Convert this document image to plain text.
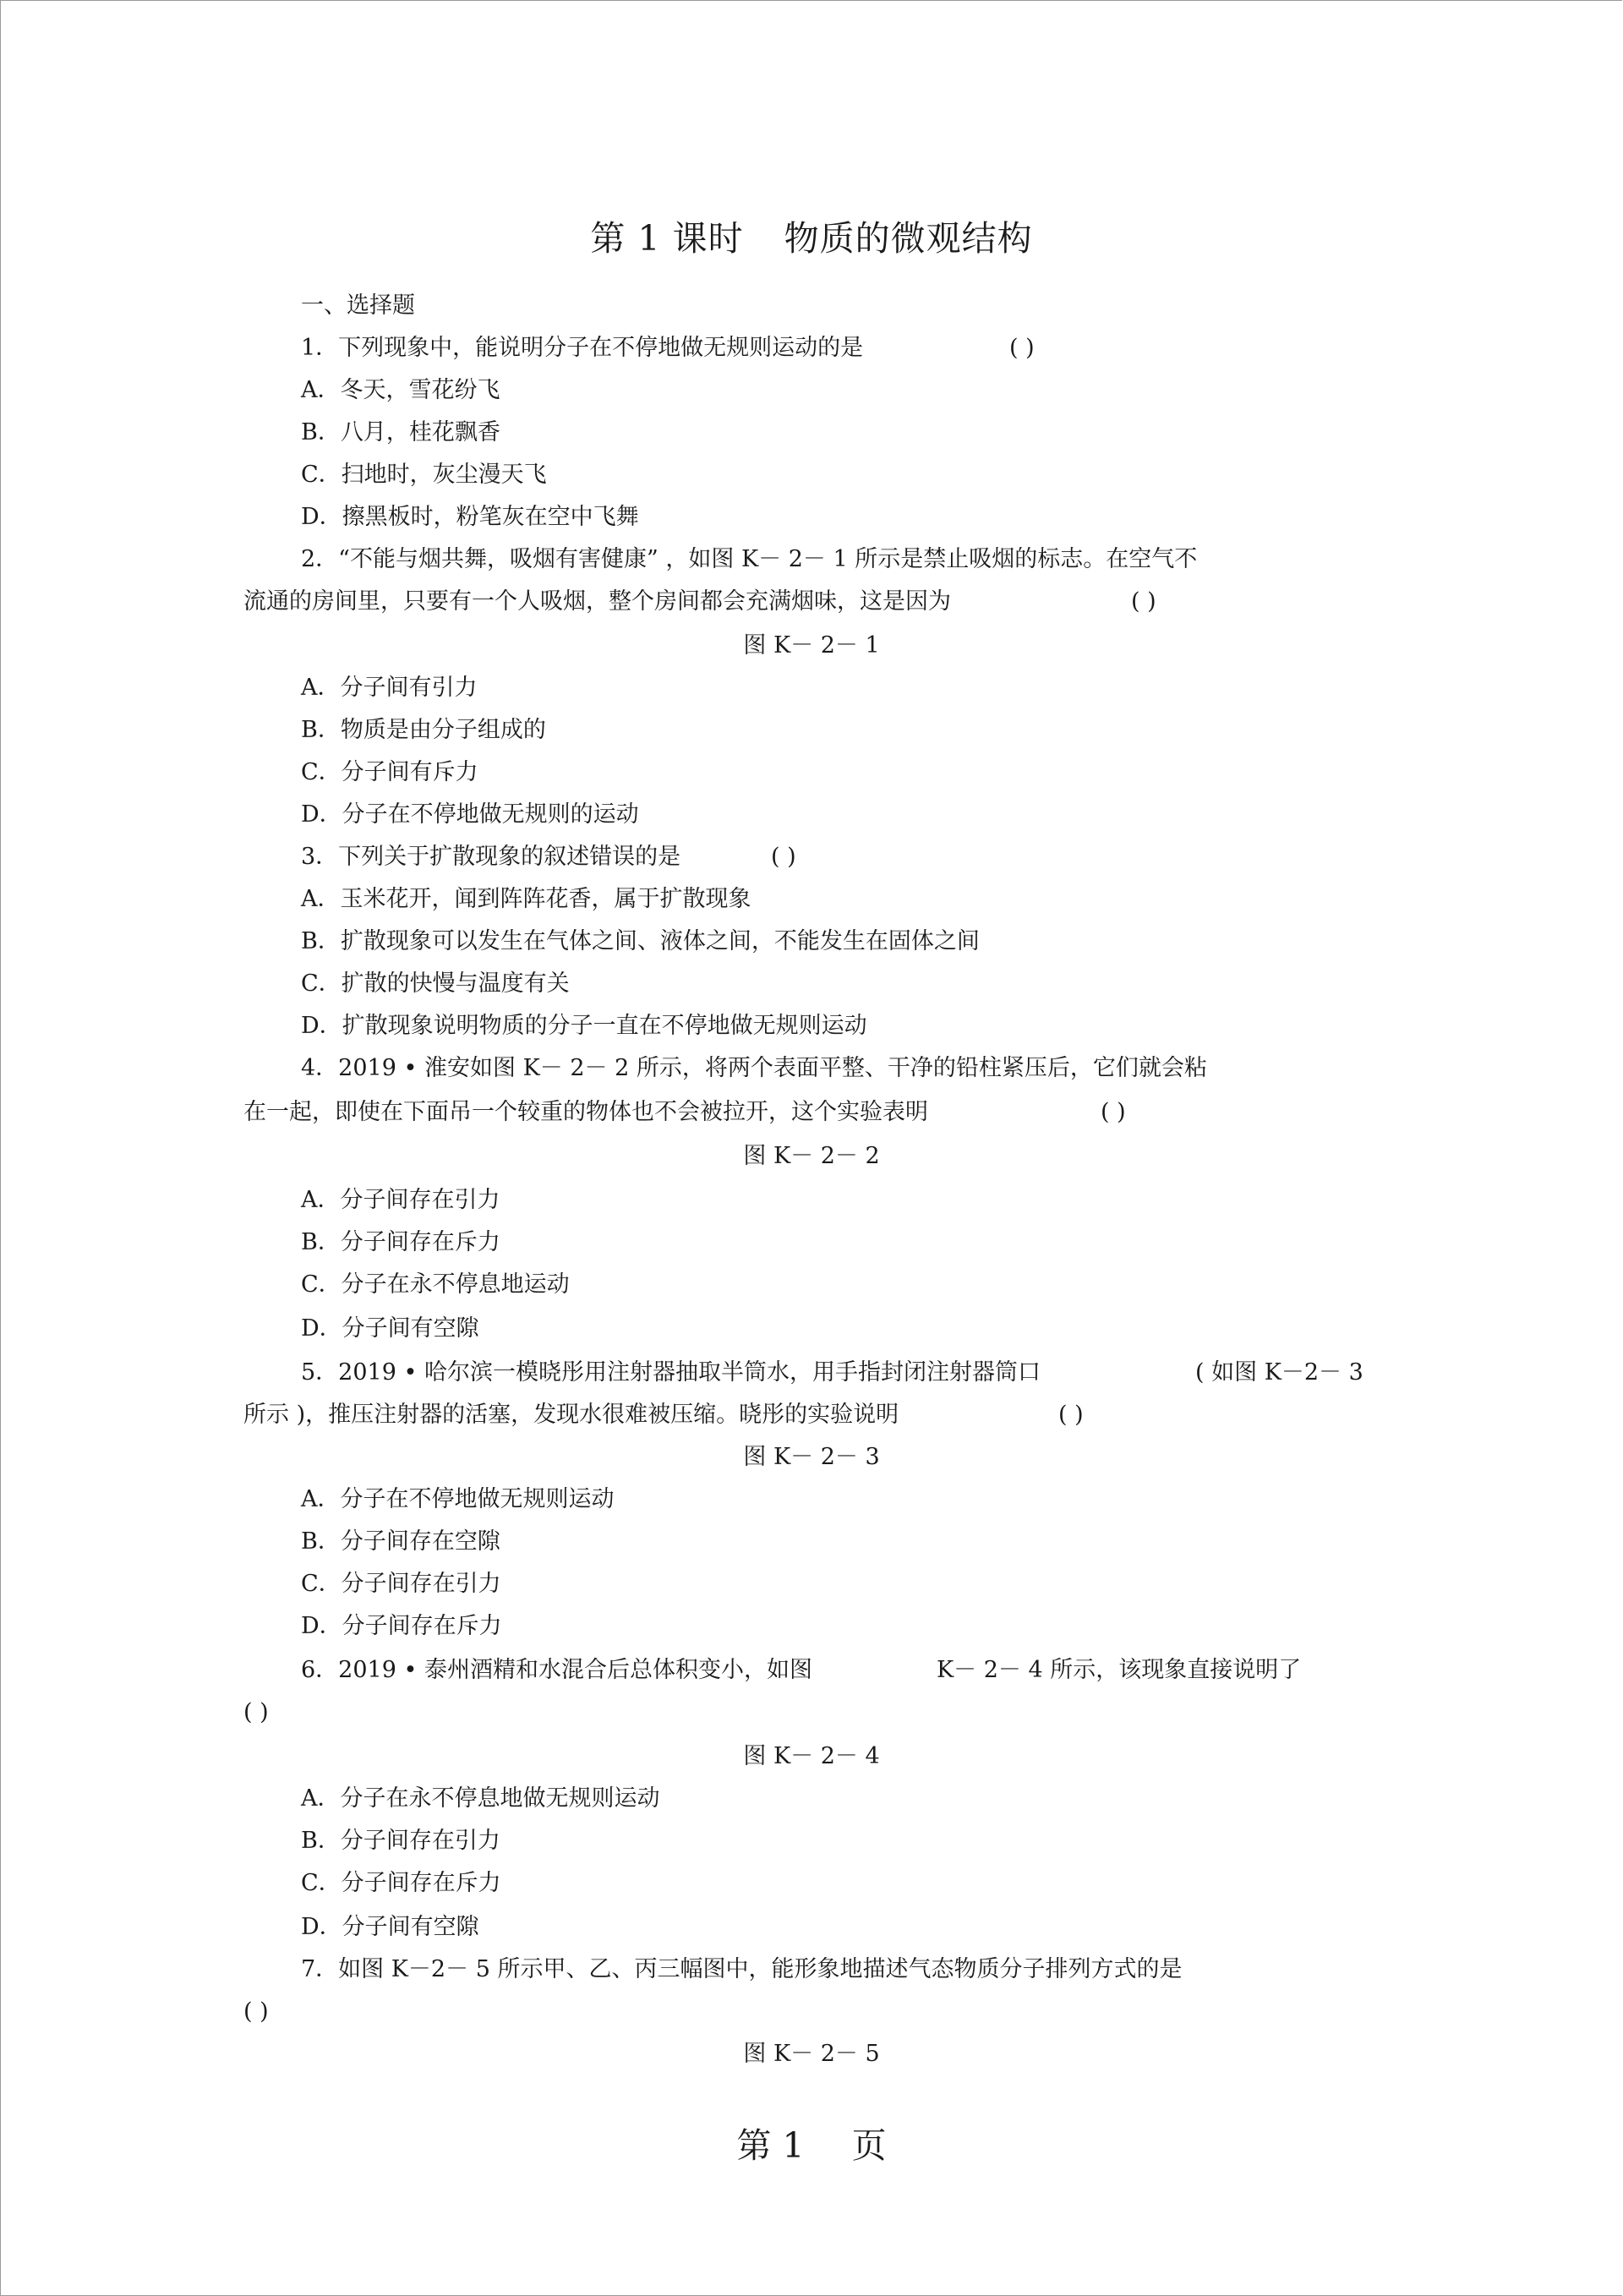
第 1 课时 物质的微观结构
一、选择题
1．下列现象中，能说明分子在不停地做无规则运动的是	( )
A．冬天，雪花纷飞
B．八月，桂花飘香
C．扫地时，灰尘漫天飞
D．擦黑板时，粉笔灰在空中飞舞
2．“不能与烟共舞，吸烟有害健康” ，如图 K－ 2－ 1 所示是禁止吸烟的标志。在空气不
流通的房间里，只要有一个人吸烟，整个房间都会充满烟味，这是因为	( )
图 K－ 2－ 1
A．分子间有引力
B．物质是由分子组成的
C．分子间有斥力
D．分子在不停地做无规则的运动
3．下列关于扩散现象的叙述错误的是	( )
A．玉米花开，闻到阵阵花香，属于扩散现象
B．扩散现象可以发生在气体之间、液体之间，不能发生在固体之间
C．扩散的快慢与温度有关
D．扩散现象说明物质的分子一直在不停地做无规则运动
4．2019 • 淮安如图 K－ 2－ 2 所示，将两个表面平整、干净的铅柱紧压后，它们就会粘
在一起，即使在下面吊一个较重的物体也不会被拉开，这个实验表明	( )
图 K－ 2－ 2
A．分子间存在引力
B．分子间存在斥力
C．分子在永不停息地运动
D．分子间有空隙
5．2019 • 哈尔滨一模晓彤用注射器抽取半筒水，用手指封闭注射器筒口	( 如图 K－2－ 3
所示 )，推压注射器的活塞，发现水很难被压缩。晓彤的实验说明	( )
图 K－ 2－ 3
A．分子在不停地做无规则运动
B．分子间存在空隙
C．分子间存在引力
D．分子间存在斥力
6．2019 • 泰州酒精和水混合后总体积变小，如图	K－ 2－ 4 所示，该现象直接说明了
( )
图 K－ 2－ 4
A．分子在永不停息地做无规则运动
B．分子间存在引力
C．分子间存在斥力
D．分子间有空隙
7．如图 K－2－ 5 所示甲、乙、丙三幅图中，能形象地描述气态物质分子排列方式的是
( )
图 K－ 2－ 5
第 1 页
